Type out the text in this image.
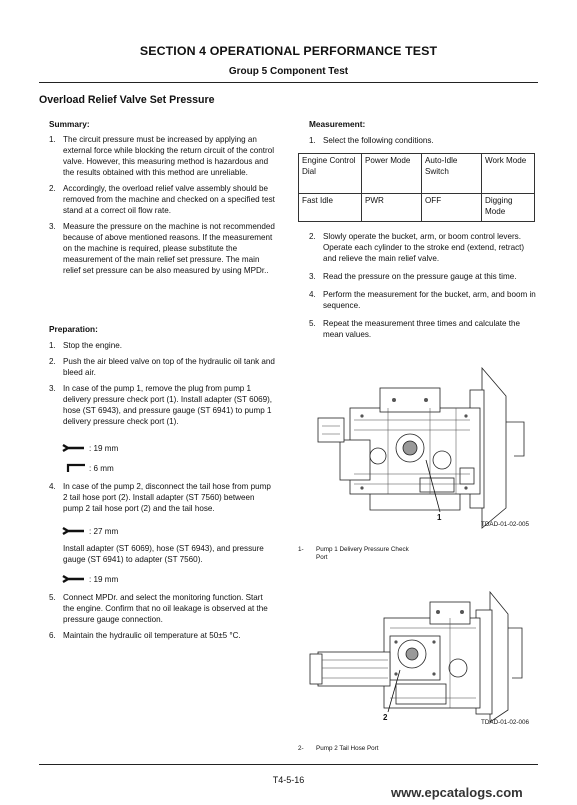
SECTION 4 OPERATIONAL PERFORMANCE TEST
Group 5 Component Test
Overload Relief Valve Set Pressure
Summary:
1. The circuit pressure must be increased by applying an external force while blocking the return circuit of the control valve. However, this measuring method is hazardous and the results obtained with this method are unreliable.
2. Accordingly, the overload relief valve assembly should be removed from the machine and checked on a specified test stand at a correct oil flow rate.
3. Measure the pressure on the machine is not recommended because of above mentioned reasons. If the measurement on the machine is required, please substitute the measurement of the main relief set pressure. The main relief set pressure can be also measured by using MPDr..
Preparation:
1. Stop the engine.
2. Push the air bleed valve on top of the hydraulic oil tank and bleed air.
3. In case of the pump 1, remove the plug from pump 1 delivery pressure check port (1). Install adapter (ST 6069), hose (ST 6943), and pressure gauge (ST 6941) to pump 1 delivery pressure check port (1).
: 19 mm
: 6 mm
4. In case of the pump 2, disconnect the tail hose from pump 2 tail hose port (2). Install adapter (ST 7560) between pump 2 tail hose port (2) and the tail hose.
: 27 mm
Install adapter (ST 6069), hose (ST 6943), and pressure gauge (ST 6941) to adapter (ST 7560).
: 19 mm
5. Connect MPDr. and select the monitoring function. Start the engine. Confirm that no oil leakage is observed at the pressure gauge connection.
6. Maintain the hydraulic oil temperature at 50±5 °C.
Measurement:
1. Select the following conditions.
Engine Control Dial	Power Mode	Auto-Idle Switch	Work Mode
Fast Idle	PWR	OFF	Digging Mode
2. Slowly operate the bucket, arm, or boom control levers. Operate each cylinder to the stroke end (extend, retract) and relieve the main relief valve.
3. Read the pressure on the pressure gauge at this time.
4. Perform the measurement for the bucket, arm, and boom in sequence.
5. Repeat the measurement three times and calculate the mean values.
1
TDAD-01-02-005
1- Pump 1 Delivery Pressure Check Port
2
TDAD-01-02-006
2- Pump 2 Tail Hose Port
T4-5-16
www.epcatalogs.com
